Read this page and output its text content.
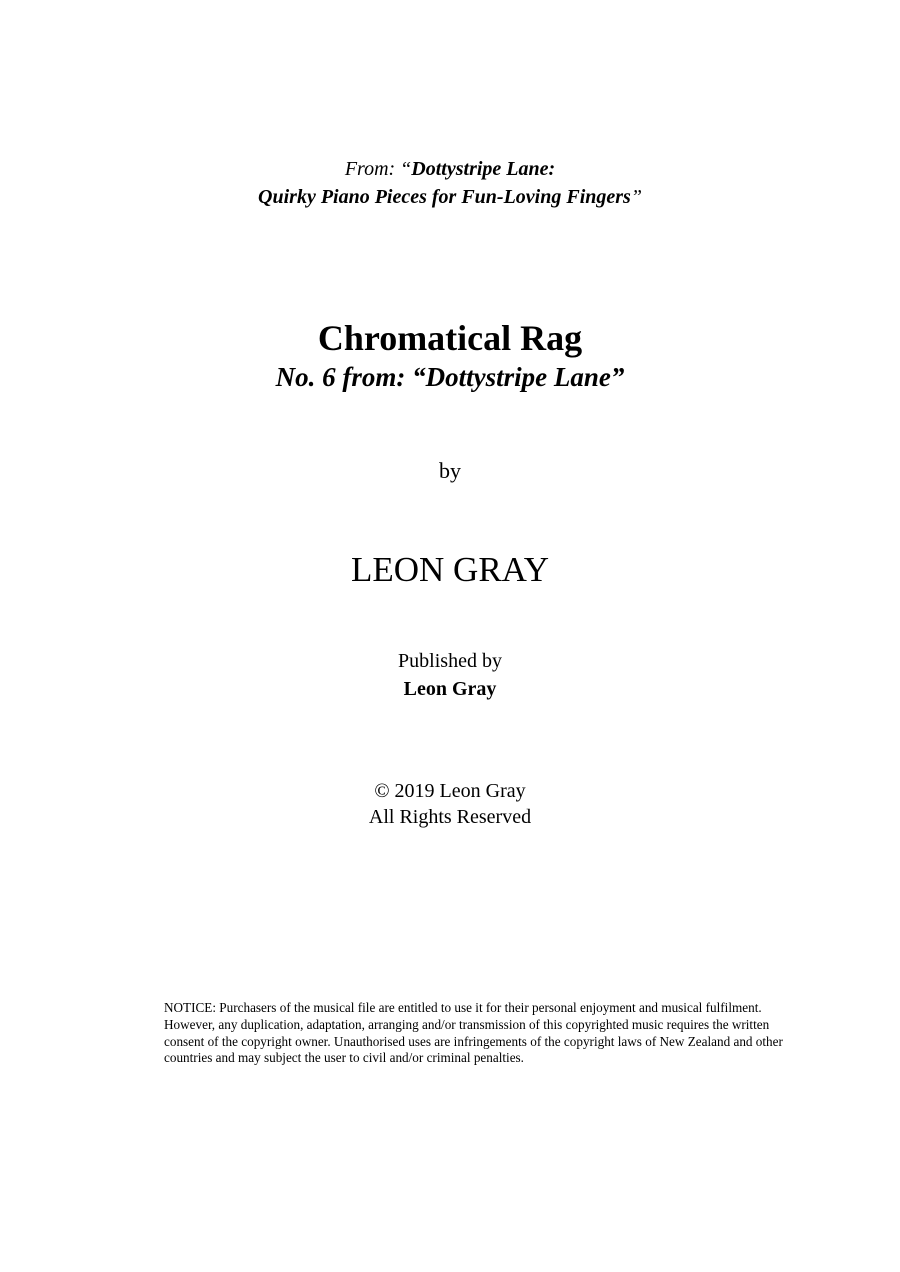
From: “Dottystripe Lane:
Quirky Piano Pieces for Fun-Loving Fingers”
Chromatical Rag
No. 6 from: “Dottystripe Lane”
by
LEON GRAY
Published by
Leon Gray
© 2019 Leon Gray
All Rights Reserved
NOTICE: Purchasers of the musical file are entitled to use it for their personal enjoyment and musical fulfilment. However, any duplication, adaptation, arranging and/or transmission of this copyrighted music requires the written consent of the copyright owner. Unauthorised uses are infringements of the copyright laws of New Zealand and other countries and may subject the user to civil and/or criminal penalties.
